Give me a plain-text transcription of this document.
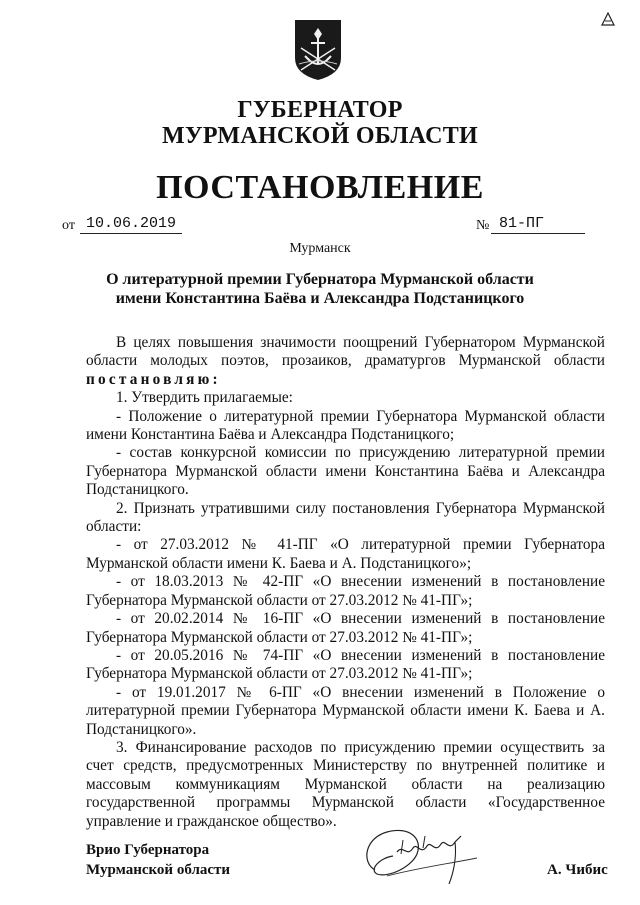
ГУБЕРНАТОР
МУРМАНСКОЙ ОБЛАСТИ
ПОСТАНОВЛЕНИЕ
от 10.06.2019	№ 81-ПГ
Мурманск
О литературной премии Губернатора Мурманской области
имени Константина Баёва и Александра Подстаницкого

В целях повышения значимости поощрений Губернатором Мурманской области молодых поэтов, прозаиков, драматургов Мурманской области постановляю:

1. Утвердить прилагаемые:

- Положение о литературной премии Губернатора Мурманской области имени Константина Баёва и Александра Подстаницкого;

- состав конкурсной комиссии по присуждению литературной премии Губернатора Мурманской области имени Константина Баёва и Александра Подстаницкого.

2. Признать утратившими силу постановления Губернатора Мурманской области:

- от 27.03.2012 № 41-ПГ «О литературной премии Губернатора Мурманской области имени К. Баева и А. Подстаницкого»;

- от 18.03.2013 № 42-ПГ «О внесении изменений в постановление Губернатора Мурманской области от 27.03.2012 № 41-ПГ»;

- от 20.02.2014 № 16-ПГ «О внесении изменений в постановление Губернатора Мурманской области от 27.03.2012 № 41-ПГ»;

- от 20.05.2016 № 74-ПГ «О внесении изменений в постановление Губернатора Мурманской области от 27.03.2012 № 41-ПГ»;

- от 19.01.2017 № 6-ПГ «О внесении изменений в Положение о литературной премии Губернатора Мурманской области имени К. Баева и А. Подстаницкого».

3. Финансирование расходов по присуждению премии осуществить за счет средств, предусмотренных Министерству по внутренней политике и массовым коммуникациям Мурманской области на реализацию государственной программы Мурманской области «Государственное управление и гражданское общество».

Врио Губернатора
Мурманской области	А. Чибис
